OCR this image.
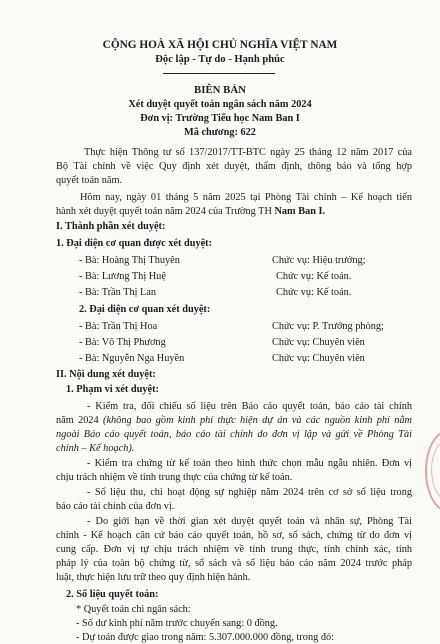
CỘNG HOÀ XÃ HỘI CHỦ NGHĨA VIỆT NAM
Độc lập - Tự do - Hạnh phúc
BIÊN BẢN
Xét duyệt quyết toán ngân sách năm 2024
Đơn vị: Trường Tiểu học Nam Ban I
Mã chương: 622
Thực hiện Thông tư số 137/2017/TT-BTC ngày 25 tháng 12 năm 2017 của
Bộ Tài chính về việc Quy định xét duyệt, thẩm định, thông báo và tổng hợp
quyết toán năm.
Hôm nay, ngày 01 tháng 5 năm 2025 tại Phòng Tài chính – Kế hoạch tiến
hành xét duyệt quyết toán năm 2024 của Trường TH Nam Ban I.
I. Thành phần xét duyệt:
1. Đại diện cơ quan được xét duyệt:
- Bà: Hoàng Thị Thuyên	Chức vụ: Hiệu trưởng;
- Bà: Lương Thị Huệ	Chức vụ: Kế toán.
- Bà: Trần Thị Lan	Chức vụ: Kế toán.
2. Đại diện cơ quan xét duyệt:
- Bà: Trần Thị Hoa	Chức vụ: P. Trưởng phòng;
- Bà: Võ Thị Phương	Chức vụ: Chuyên viên
- Bà: Nguyễn Nga Huyền	Chức vụ: Chuyên viên
II. Nội dung xét duyệt:
1. Phạm vi xét duyệt:
- Kiểm tra, đối chiếu số liệu trên Báo cáo quyết toán, báo cáo tài chính
năm 2024 (không bao gồm kinh phí thực hiện dự án và các nguồn kinh phí nằm
ngoài Báo cáo quyết toán, báo cáo tài chính do đơn vị lập và gửi về Phòng Tài
chính – Kế hoạch).
- Kiểm tra chứng từ kế toán theo hình thức chọn mẫu ngẫu nhiên. Đơn vị
chịu trách nhiệm về tính trung thực của chứng từ kế toán.
- Số liệu thu, chi hoạt động sự nghiệp năm 2024 trên cơ sở số liệu trong
báo cáo tài chính của đơn vị.
- Do giới hạn về thời gian xét duyệt quyết toán và nhân sự, Phòng Tài
chính - Kế hoạch căn cứ báo cáo quyết toán, hồ sơ, sổ sách, chứng từ do đơn vị
cung cấp. Đơn vị tự chịu trách nhiệm về tính trung thực, tính chính xác, tính
pháp lý của toàn bộ chứng từ, sổ sách và số liệu báo cáo năm 2024 trước pháp
luật, thực hiện lưu trữ theo quy định hiện hành.
2. Số liệu quyết toán:
* Quyết toán chi ngân sách:
- Số dư kinh phí năm trước chuyển sang: 0 đồng.
- Dự toán được giao trong năm: 5.307.000.000 đồng, trong đó:
